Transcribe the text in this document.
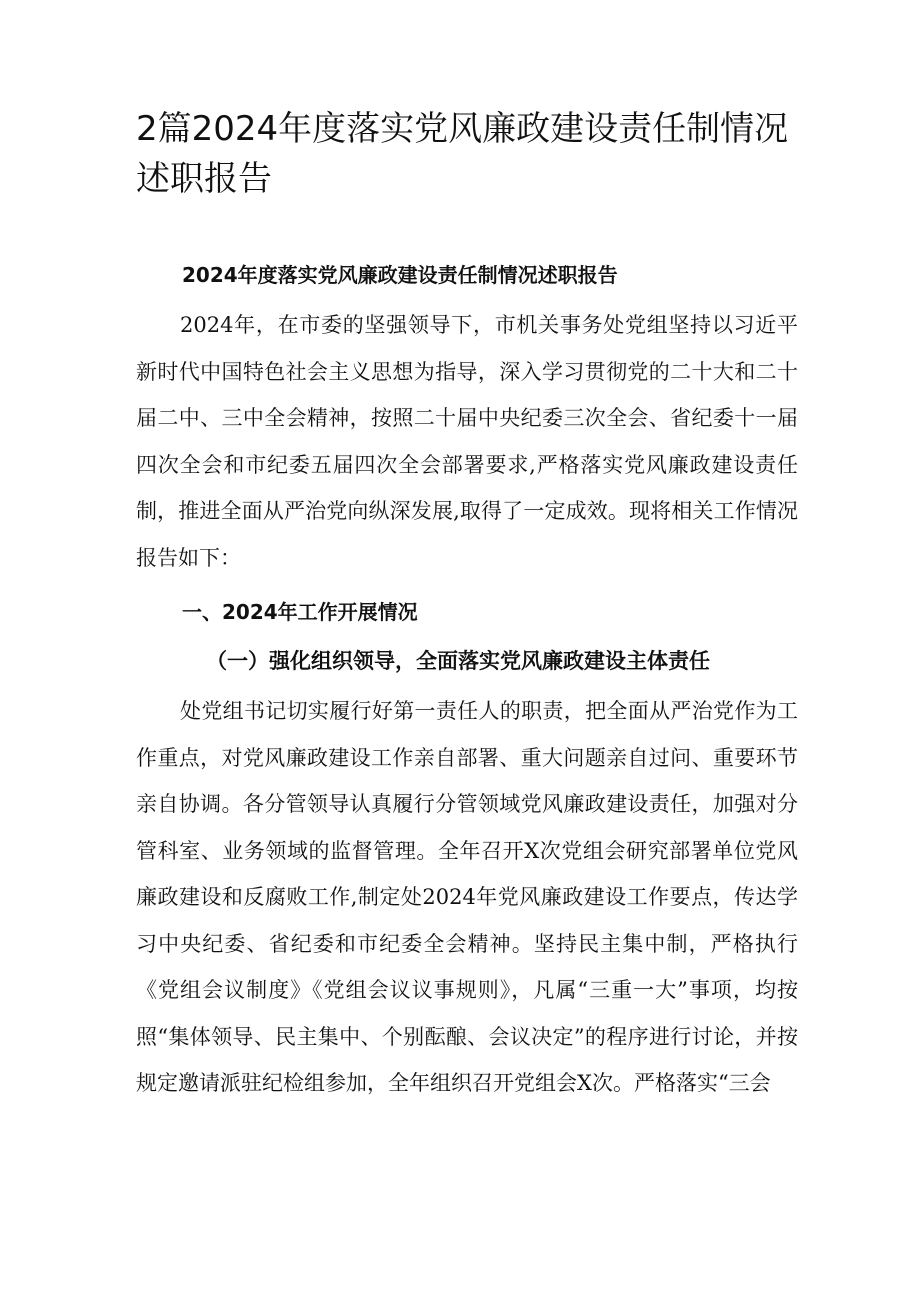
2篇2024年度落实党风廉政建设责任制情况述职报告
2024年度落实党风廉政建设责任制情况述职报告

2024年，在市委的坚强领导下，市机关事务处党组坚持以习近平新时代中国特色社会主义思想为指导，深入学习贯彻党的二十大和二十届二中、三中全会精神，按照二十届中央纪委三次全会、省纪委十一届四次全会和市纪委五届四次全会部署要求,严格落实党风廉政建设责任制，推进全面从严治党向纵深发展,取得了一定成效。现将相关工作情况报告如下：

一、2024年工作开展情况
（一）强化组织领导，全面落实党风廉政建设主体责任

处党组书记切实履行好第一责任人的职责，把全面从严治党作为工作重点，对党风廉政建设工作亲自部署、重大问题亲自过问、重要环节亲自协调。各分管领导认真履行分管领域党风廉政建设责任，加强对分管科室、业务领域的监督管理。全年召开X次党组会研究部署单位党风廉政建设和反腐败工作,制定处2024年党风廉政建设工作要点，传达学习中央纪委、省纪委和市纪委全会精神。坚持民主集中制，严格执行《党组会议制度》《党组会议议事规则》，凡属“三重一大”事项，均按照“集体领导、民主集中、个别酝酿、会议决定”的程序进行讨论，并按规定邀请派驻纪检组参加，全年组织召开党组会X次。严格落实“三会
